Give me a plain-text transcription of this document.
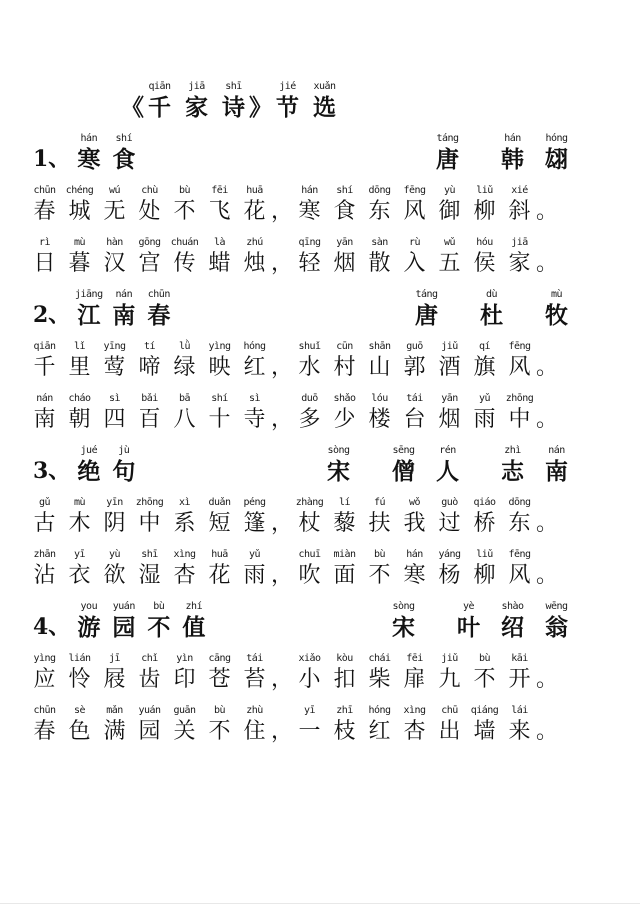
《
qiān
千
jiā
家
shī
诗 》
jié
节
xuǎn
选
1、
hán
寒
shí
食
táng
唐
hán
韩
hóng
翃
chūn
春
chéng
城
wú
无
chù
处
bù
不
fēi
飞
huā
花 ，
hán
寒
shí
食
dōng
东
fēng
风
yù
御
liǔ
柳
xié
斜 。
rì
日
mù
暮
hàn
汉
gōng
宫
chuán
传
là
蜡
zhú
烛 ，
qīng
轻
yān
烟
sàn
散
rù
入
wǔ
五
hóu
侯
jiā
家 。
2、
jiāng
江
nán
南
chūn
春
táng
唐
dù
杜
mù
牧
qiān
千
lǐ
里
yīng
莺
tí
啼
lǜ
绿
yìng
映
hóng
红 ，
shuǐ
水
cūn
村
shān
山
guō
郭
jiǔ
酒
qí
旗
fēng
风 。
nán
南
cháo
朝
sì
四
bǎi
百
bā
八
shí
十
sì
寺 ，
duō
多
shǎo
少
lóu
楼
tái
台
yān
烟
yǔ
雨
zhōng
中 。
3、
jué
绝
jù
句
sòng
宋
sēng
僧
rén
人
zhì
志
nán
南
gǔ
古
mù
木
yīn
阴
zhōng
中
xì
系
duǎn
短
péng
篷 ，
zhàng
杖
lí
藜
fú
扶
wǒ
我
guò
过
qiáo
桥
dōng
东 。
zhān
沾
yī
衣
yù
欲
shī
湿
xìng
杏
huā
花
yǔ
雨 ，
chuī
吹
miàn
面
bù
不
hán
寒
yáng
杨
liǔ
柳
fēng
风 。
4、
you
游
yuán
园
bù
不
zhí
值
sòng
宋
yè
叶
shào
绍
wēng
翁
yìng
应
lián
怜
jī
屐
chǐ
齿
yìn
印
cāng
苍
tái
苔 ，
xiǎo
小
kòu
扣
chái
柴
fēi
扉
jiǔ
九
bù
不
kāi
开 。
chūn
春
sè
色
mǎn
满
yuán
园
guān
关
bù
不
zhù
住 ，
yī
一
zhī
枝
hóng
红
xìng
杏
chū
出
qiáng
墙
lái
来 。
